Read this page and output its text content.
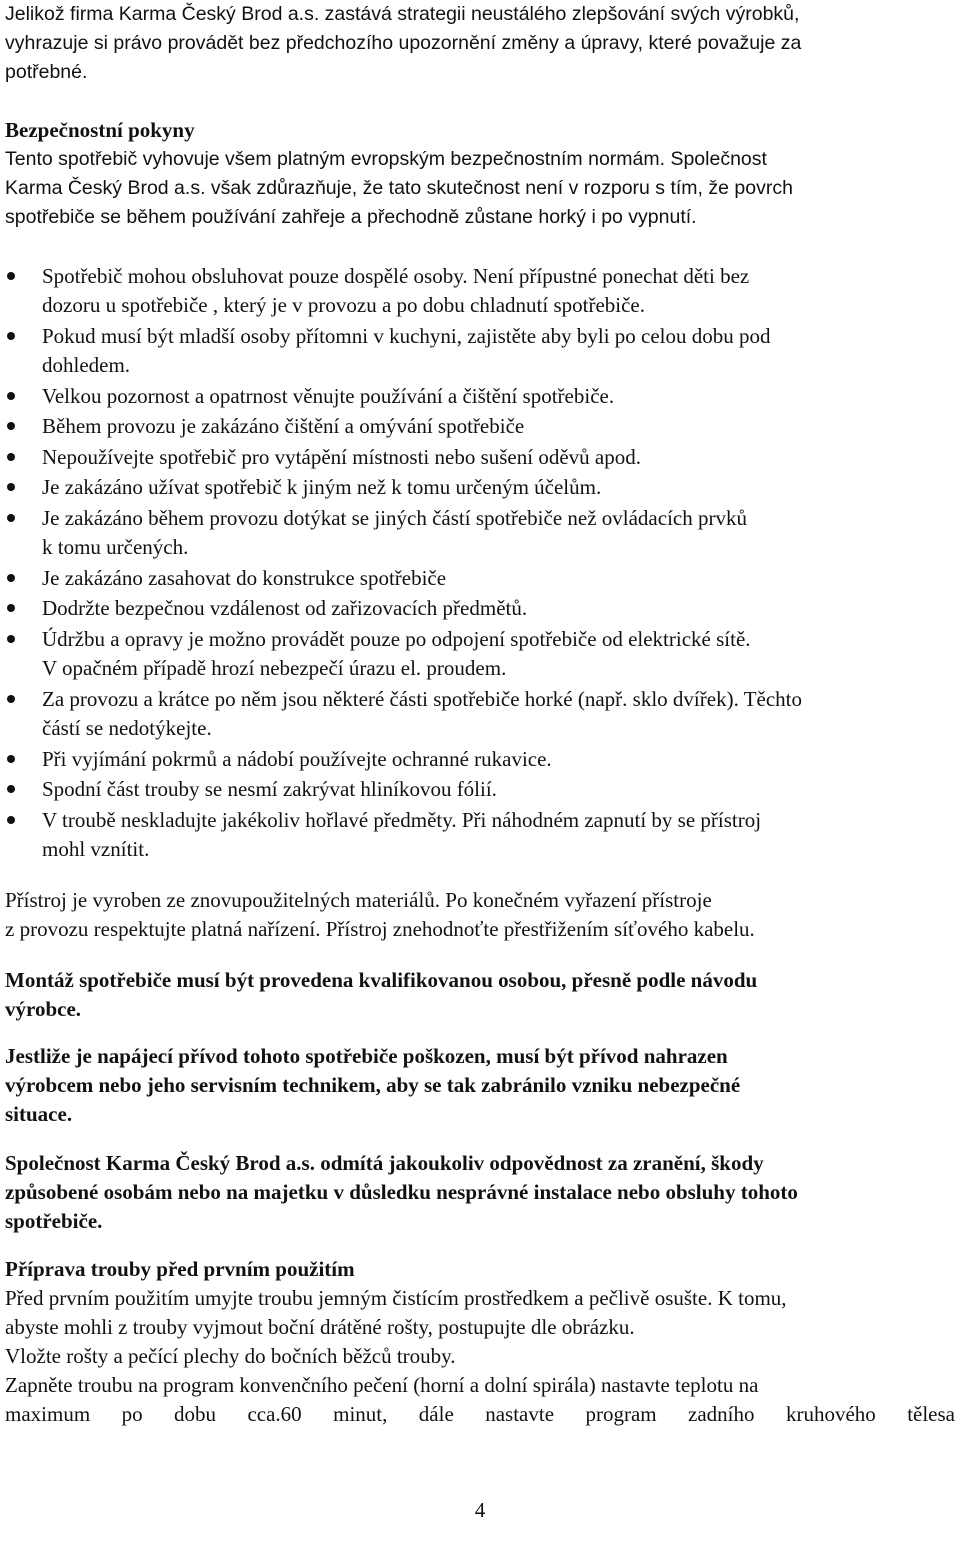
Jelikož firma Karma Český Brod a.s. zastává strategii neustálého zlepšování svých výrobků,
vyhrazuje si právo provádět bez předchozího upozornění změny a úpravy, které považuje za
potřebné.

Bezpečnostní pokyny
Tento spotřebič vyhovuje všem platným evropským bezpečnostním normám. Společnost
Karma Český Brod a.s. však zdůrazňuje, že tato skutečnost není v rozporu s tím, že povrch
spotřebiče se během používání zahřeje a přechodně zůstane horký i po vypnutí.

Spotřebič mohou obsluhovat pouze dospělé osoby. Není přípustné ponechat děti bez
dozoru u spotřebiče , který je v provozu a po dobu chladnutí spotřebiče.
Pokud musí být mladší osoby přítomni v kuchyni, zajistěte aby byli po celou dobu pod
dohledem.
Velkou pozornost a opatrnost věnujte používání a čištění spotřebiče.
Během provozu je zakázáno čištění a omývání spotřebiče
Nepoužívejte spotřebič pro vytápění místnosti nebo sušení oděvů apod.
Je zakázáno užívat spotřebič k jiným než k tomu určeným účelům.
Je zakázáno během provozu dotýkat se jiných částí spotřebiče než ovládacích prvků
k tomu určených.
Je zakázáno zasahovat do konstrukce spotřebiče
Dodržte bezpečnou vzdálenost od zařizovacích předmětů.
Údržbu a opravy je možno provádět pouze po odpojení spotřebiče od elektrické sítě.
V opačném případě hrozí nebezpečí úrazu el. proudem.
Za provozu a krátce po něm jsou některé části spotřebiče horké (např. sklo dvířek). Těchto
částí se nedotýkejte.
Při vyjímání pokrmů a nádobí používejte ochranné rukavice.
Spodní část trouby se nesmí zakrývat hliníkovou fólií.
V troubě neskladujte jakékoliv hořlavé předměty. Při náhodném zapnutí by se přístroj
mohl vznítit.

Přístroj je vyroben ze znovupoužitelných materiálů. Po konečném vyřazení přístroje
z provozu respektujte platná nařízení. Přístroj znehodnoťte přestřižením síťového kabelu.

Montáž spotřebiče musí být provedena kvalifikovanou osobou, přesně podle návodu
výrobce.

Jestliže je napájecí přívod tohoto spotřebiče poškozen, musí být přívod nahrazen
výrobcem nebo jeho servisním technikem, aby se tak zabránilo vzniku nebezpečné
situace.

Společnost Karma Český Brod a.s. odmítá jakoukoliv odpovědnost za zranění, škody
způsobené osobám nebo na majetku v důsledku nesprávné instalace nebo obsluhy tohoto
spotřebiče.

Příprava trouby před prvním použitím
Před prvním použitím umyjte troubu jemným čistícím prostředkem a pečlivě osušte. K tomu,
abyste mohli z trouby vyjmout boční drátěné rošty, postupujte dle obrázku.
Vložte rošty a pečící plechy do bočních běžců trouby.

Zapněte troubu na program konvenčního pečení (horní a dolní spirála) nastavte teplotu na
maximum po dobu cca.60 minut, dále nastavte program zadního kruhového tělesa

4
